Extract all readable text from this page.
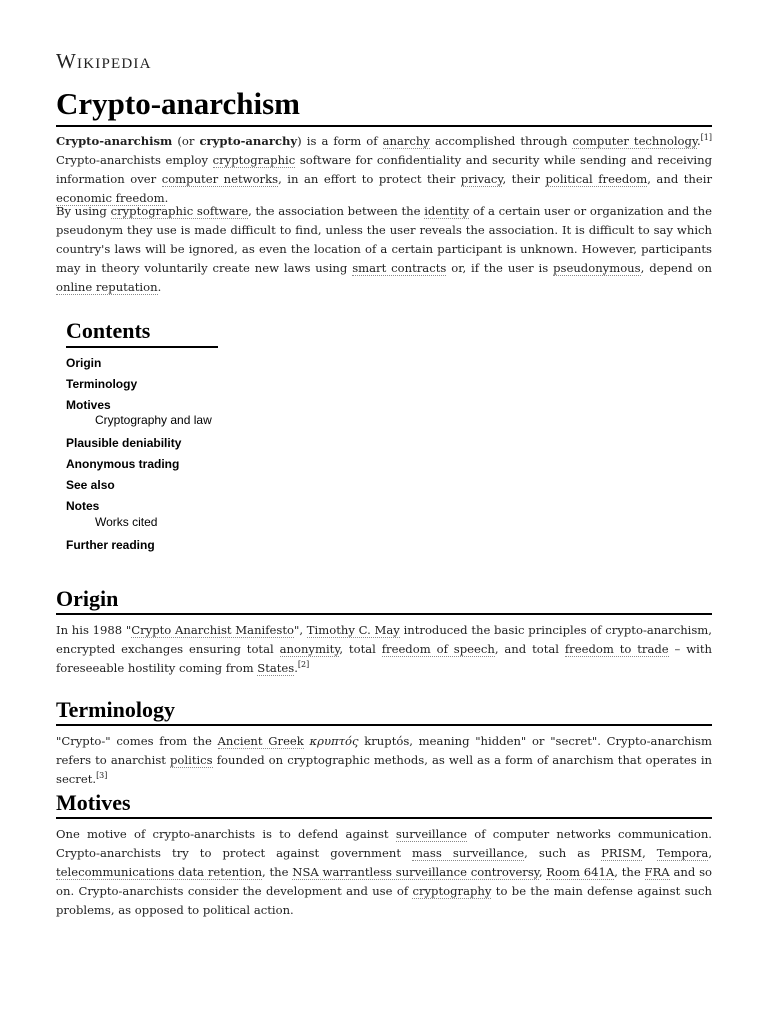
Wikipedia
Crypto-anarchism

Crypto-anarchism (or crypto-anarchy) is a form of anarchy accomplished through computer technology.[1] Crypto-anarchists employ cryptographic software for confidentiality and security while sending and receiving information over computer networks, in an effort to protect their privacy, their political freedom, and their economic freedom.

By using cryptographic software, the association between the identity of a certain user or organization and the pseudonym they use is made difficult to find, unless the user reveals the association. It is difficult to say which country's laws will be ignored, as even the location of a certain participant is unknown. However, participants may in theory voluntarily create new laws using smart contracts or, if the user is pseudonymous, depend on online reputation.

Contents
Origin
Terminology
Motives
Cryptography and law
Plausible deniability
Anonymous trading
See also
Notes
Works cited
Further reading
Origin

In his 1988 "Crypto Anarchist Manifesto", Timothy C. May introduced the basic principles of crypto-anarchism, encrypted exchanges ensuring total anonymity, total freedom of speech, and total freedom to trade – with foreseeable hostility coming from States.[2]

Terminology

"Crypto-" comes from the Ancient Greek κρυπτός kruptós, meaning "hidden" or "secret". Crypto-anarchism refers to anarchist politics founded on cryptographic methods, as well as a form of anarchism that operates in secret.[3]

Motives

One motive of crypto-anarchists is to defend against surveillance of computer networks communication. Crypto-anarchists try to protect against government mass surveillance, such as PRISM, Tempora, telecommunications data retention, the NSA warrantless surveillance controversy, Room 641A, the FRA and so on. Crypto-anarchists consider the development and use of cryptography to be the main defense against such problems, as opposed to political action.
